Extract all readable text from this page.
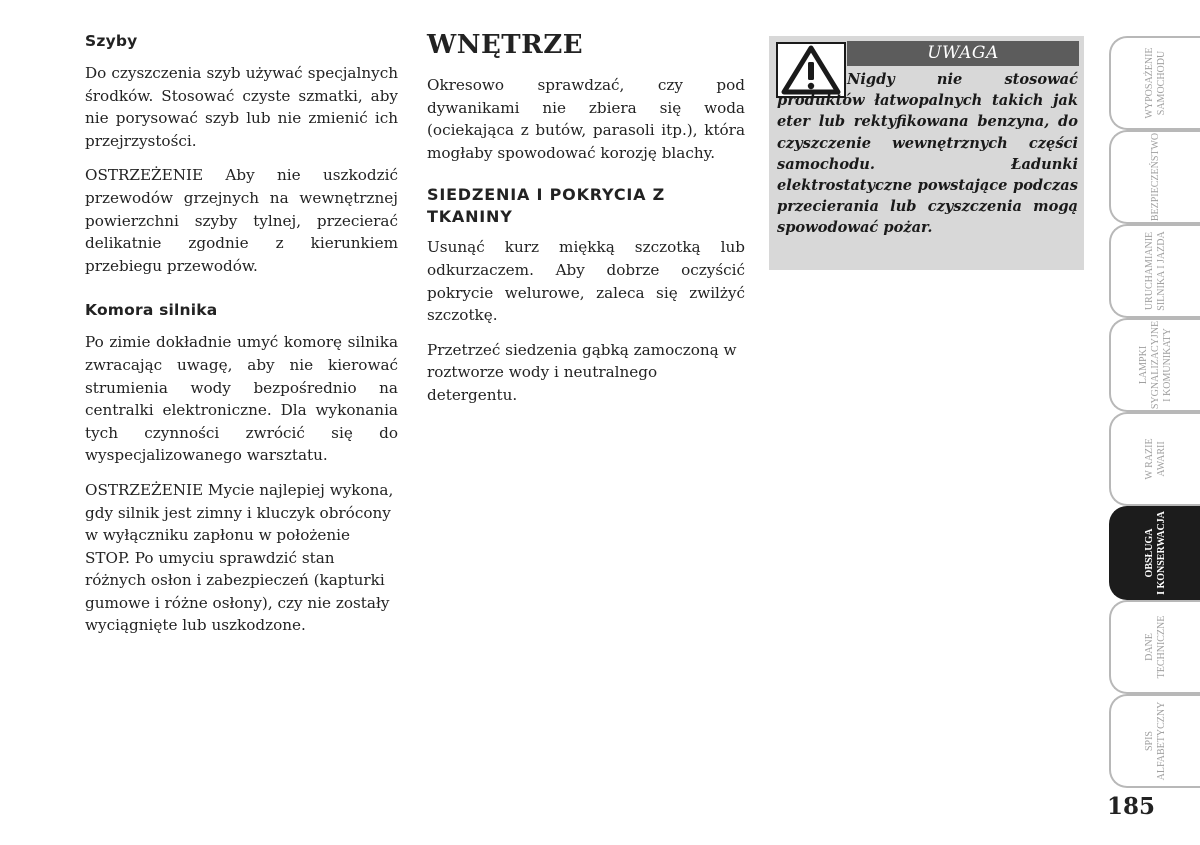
Szyby

Do czyszczenia szyb używać specjalnych środków. Stosować czyste szmatki, aby nie porysować szyb lub nie zmienić ich przejrzystości.

OSTRZEŻENIE Aby nie uszkodzić przewodów grzejnych na wewnętrznej powierzchni szyby tylnej, przecierać delikatnie zgodnie z kierunkiem przebiegu przewodów.

Komora silnika

Po zimie dokładnie umyć komorę silnika zwracając uwagę, aby nie kierować strumienia wody bezpośrednio na centralki elektroniczne. Dla wykonania tych czynności zwrócić się do wyspecjalizowanego warsztatu.

OSTRZEŻENIE Mycie najlepiej wykona, gdy silnik jest zimny i kluczyk obrócony w wyłączniku zapłonu w położenie STOP. Po umyciu sprawdzić stan różnych osłon i zabezpieczeń (kapturki gumowe i różne osłony), czy nie zostały wyciągnięte lub uszkodzone.

WNĘTRZE

Okresowo sprawdzać, czy pod dywanikami nie zbiera się woda (ociekająca z butów, parasoli itp.), która mogłaby spowodować korozję blachy.

SIEDZENIA I POKRYCIA Z TKANINY

Usunąć kurz miękką szczotką lub odkurzaczem. Aby dobrze oczyścić pokrycie welurowe, zaleca się zwilżyć szczotkę.

Przetrzeć siedzenia gąbką zamoczoną w roztworze wody i neutralnego detergentu.

UWAGA

Nigdy nie stosować produktów łatwopalnych takich jak eter lub rektyfikowana benzyna, do czyszczenie wewnętrznych części samochodu. Ładunki elektrostatyczne powstające podczas przecierania lub czyszczenia mogą spowodować pożar.

WYPOSAŻENIE SAMOCHODU
BEZPIECZEŃSTWO
URUCHAMIANIE SILNIKA I JAZDA
LAMPKI SYGNALIZACYJNE I KOMUNIKATY
W RAZIE AWARII
OBSŁUGA I KONSERWACJA
DANE TECHNICZNE
SPIS ALFABETYCZNY
185
